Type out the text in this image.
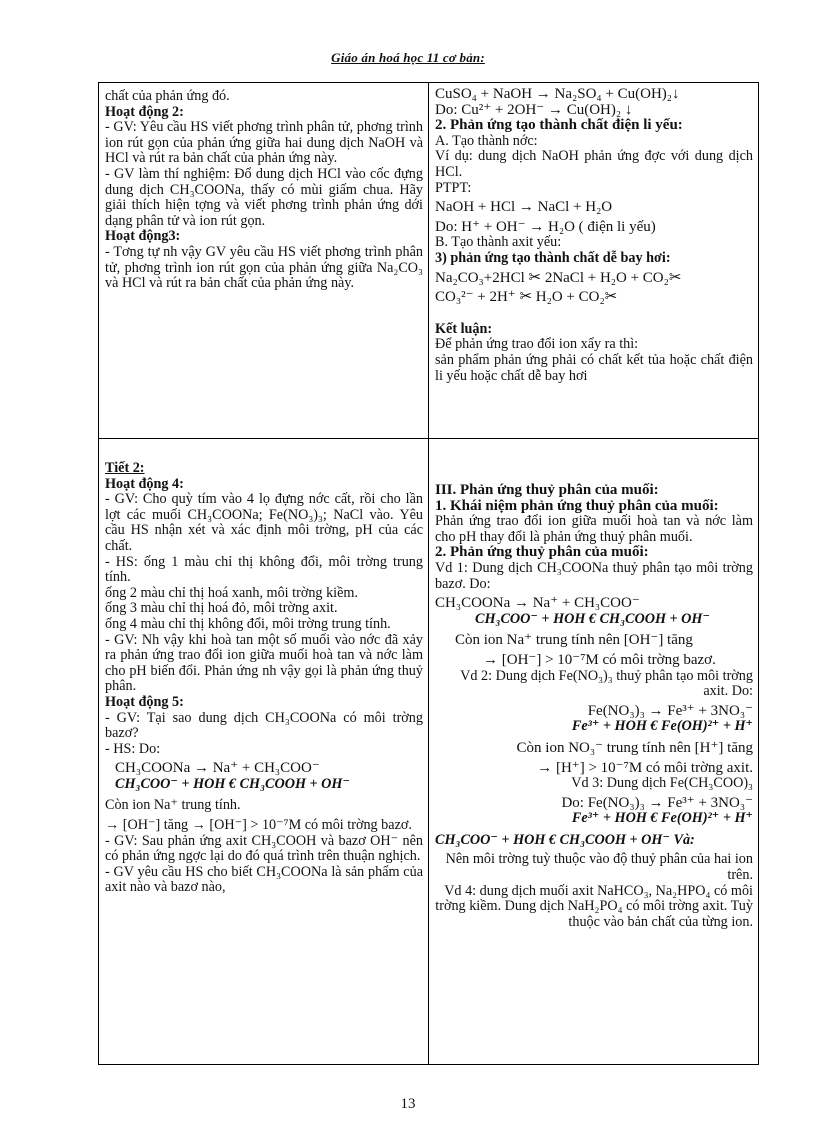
Giáo án hoá học 11 cơ bản:

chất của phản ứng đó.

Hoạt động 2:

- GV: Yêu cầu HS viết phơng trình phân tử, phơng trình ion rút gọn của phản ứng giữa hai dung dịch NaOH và HCl và rút ra bản chất của phản ứng này.

- GV làm thí nghiệm: Đổ dung dịch HCl vào cốc đựng dung dịch CH₃COONa, thấy có mùi giấm chua. Hãy giải thích hiện tợng và viết phơng trình phản ứng dới dạng phân tử và ion rút gọn.

Hoạt động3:

- Tơng tự nh vậy GV yêu cầu HS viết phơng trình phân tử, phơng trình ion rút gọn của phản ứng giữa Na₂CO₃ và HCl và rút ra bản chất của phản ứng này.

CuSO₄ + NaOH → Na₂SO₄ + Cu(OH)₂↓

Do: Cu²⁺ + 2OH⁻ → Cu(OH)₂ ↓

2. Phản ứng tạo thành chất điện li yếu:

A. Tạo thành nớc:

Ví dụ: dung dịch NaOH phản ứng đợc với dung dịch HCl.

PTPT:

NaOH + HCl → NaCl + H₂O

Do: H⁺ + OH⁻ → H₂O ( điện li yếu)

B. Tạo thành axit yếu:

3) phản ứng tạo thành chất dễ bay hơi:

Na₂CO₃+2HCl ✂ 2NaCl + H₂O + CO₂✂

CO₃²⁻ + 2H⁺ ✂ H₂O + CO₂✂

Kết luận:

Để phản ứng trao đổi ion xẩy ra thì:

sản phẩm phản ứng phải có chất kết tủa hoặc chất điện li yếu hoặc chất dễ bay hơi

Tiết 2:

Hoạt động 4:

- GV: Cho quỳ tím vào 4 lọ đựng nớc cất, rồi cho lần lợt các muối CH₃COONa; Fe(NO₃)₃; NaCl vào. Yêu cầu HS nhận xét và xác định môi trờng, pH của các chất.

- HS: ống 1 màu chỉ thị không đổi, môi trờng trung tính.

ống 2 màu chỉ thị hoá xanh, môi trờng kiềm.

ống 3 màu chỉ thị hoá đỏ, môi trờng axit.

ống 4 màu chỉ thị không đổi, môi trờng trung tính.

- GV: Nh vậy khi hoà tan một số muối vào nớc đã xảy ra phản ứng trao đổi ion giữa muối hoà tan và nớc làm cho pH biến đổi. Phản ứng nh vậy gọi là phản ứng thuỷ phân.

Hoạt động 5:

- GV: Tại sao dung dịch CH₃COONa có môi trờng bazơ?

- HS: Do:

CH₃COONa → Na⁺ + CH₃COO⁻

CH₃COO⁻ + HOH € CH₃COOH + OH⁻

Còn ion Na⁺ trung tính.

→ [OH⁻] tăng → [OH⁻] > 10⁻⁷M có môi trờng bazơ.

- GV: Sau phản ứng axit CH₃COOH và bazơ OH⁻ nên có phản ứng ngợc lại do đó quá trình trên thuận nghịch.

- GV yêu cầu HS cho biết CH₃COONa là sản phẩm của axit nào và bazơ nào,

III. Phản ứng thuỷ phân của muối:

1. Khái niệm phản ứng thuỷ phân của muối:

Phản ứng trao đổi ion giữa muối hoà tan và nớc làm cho pH thay đổi là phản ứng thuỷ phân muối.

2. Phản ứng thuỷ phân của muối:

Vd 1: Dung dịch CH₃COONa thuỷ phân tạo môi trờng bazơ. Do:

CH₃COONa → Na⁺ + CH₃COO⁻

CH₃COO⁻ + HOH € CH₃COOH + OH⁻

Còn ion Na⁺ trung tính nên [OH⁻] tăng

→ [OH⁻] > 10⁻⁷M có môi trờng bazơ.

Vd 2: Dung dịch Fe(NO₃)₃ thuỷ phân tạo môi trờng axit. Do:

Fe(NO₃)₃ → Fe³⁺ + 3NO₃⁻

Fe³⁺ + HOH € Fe(OH)²⁺ + H⁺

Còn ion NO₃⁻ trung tính nên [H⁺] tăng

→ [H⁺] > 10⁻⁷M có môi trờng axit.

Vd 3: Dung dịch Fe(CH₃COO)₃

Do: Fe(NO₃)₃ → Fe³⁺ + 3NO₃⁻

Fe³⁺ + HOH € Fe(OH)²⁺ + H⁺

CH₃COO⁻ + HOH € CH₃COOH + OH⁻ Và:

Nên môi trờng tuỳ thuộc vào độ thuỷ phân của hai ion trên.

Vd 4: dung dịch muối axit NaHCO₃, Na₂HPO₄ có môi trờng kiềm. Dung dịch NaH₂PO₄ có môi trờng axit. Tuỳ thuộc vào bản chất của từng ion.

13
